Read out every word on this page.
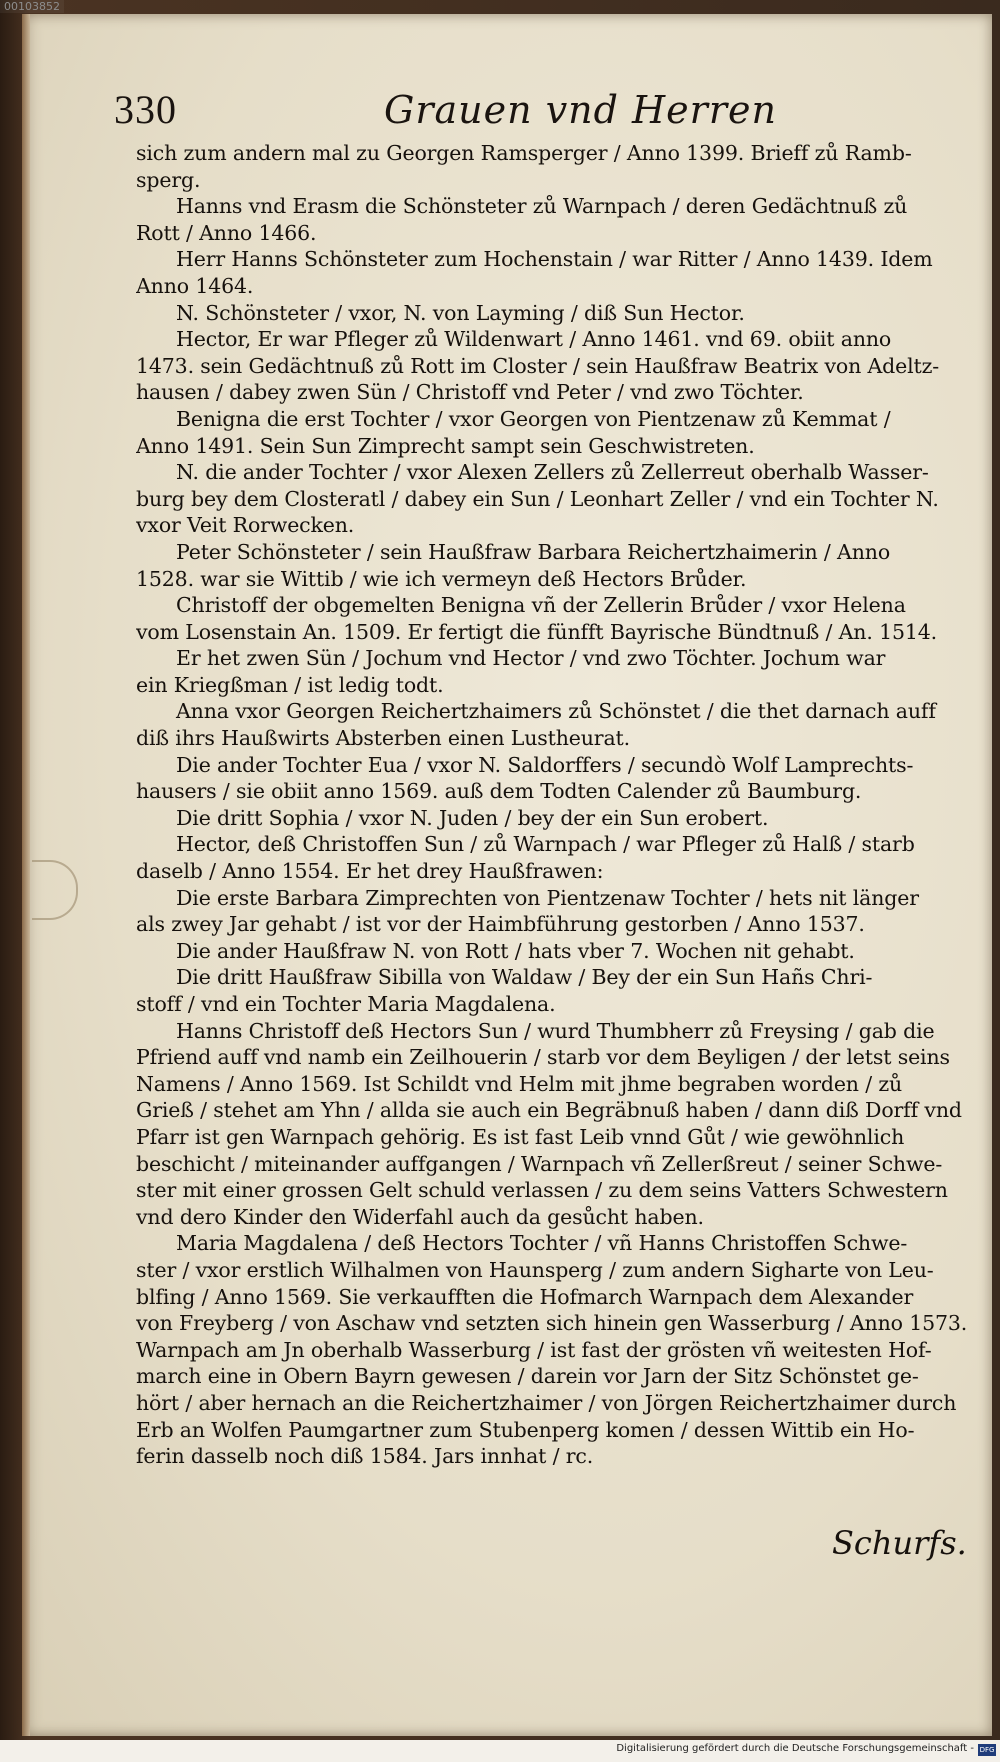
00103852
330	Grauen vnd Herren
sich zum andern mal zu Georgen Ramsperger / Anno 1399. Brieff zů Ramb-
sperg.
Hanns vnd Erasm die Schönsteter zů Warnpach / deren Gedächtnuß zů
Rott / Anno 1466.
Herr Hanns Schönsteter zum Hochenstain / war Ritter / Anno 1439. Idem
Anno 1464.
N. Schönsteter / vxor, N. von Layming / diß Sun Hector.
Hector, Er war Pfleger zů Wildenwart / Anno 1461. vnd 69. obiit anno
1473. sein Gedächtnuß zů Rott im Closter / sein Haußfraw Beatrix von Adeltz-
hausen / dabey zwen Sün / Christoff vnd Peter / vnd zwo Töchter.
Benigna die erst Tochter / vxor Georgen von Pientzenaw zů Kemmat /
Anno 1491. Sein Sun Zimprecht sampt sein Geschwistreten.
N. die ander Tochter / vxor Alexen Zellers zů Zellerreut oberhalb Wasser-
burg bey dem Closteratl / dabey ein Sun / Leonhart Zeller / vnd ein Tochter N.
vxor Veit Rorwecken.
Peter Schönsteter / sein Haußfraw Barbara Reichertzhaimerin / Anno
1528. war sie Wittib / wie ich vermeyn deß Hectors Brůder.
Christoff der obgemelten Benigna vñ der Zellerin Brůder / vxor Helena
vom Losenstain An. 1509. Er fertigt die fünfft Bayrische Bündtnuß / An. 1514.
Er het zwen Sün / Jochum vnd Hector / vnd zwo Töchter. Jochum war
ein Kriegßman / ist ledig todt.
Anna vxor Georgen Reichertzhaimers zů Schönstet / die thet darnach auff
diß ihrs Haußwirts Absterben einen Lustheurat.
Die ander Tochter Eua / vxor N. Saldorffers / secundò Wolf Lamprechts-
hausers / sie obiit anno 1569. auß dem Todten Calender zů Baumburg.
Die dritt Sophia / vxor N. Juden / bey der ein Sun erobert.
Hector, deß Christoffen Sun / zů Warnpach / war Pfleger zů Halß / starb
daselb / Anno 1554. Er het drey Haußfrawen:
Die erste Barbara Zimprechten von Pientzenaw Tochter / hets nit länger
als zwey Jar gehabt / ist vor der Haimbführung gestorben / Anno 1537.
Die ander Haußfraw N. von Rott / hats vber 7. Wochen nit gehabt.
Die dritt Haußfraw Sibilla von Waldaw / Bey der ein Sun Hañs Chri-
stoff / vnd ein Tochter Maria Magdalena.
Hanns Christoff deß Hectors Sun / wurd Thumbherr zů Freysing / gab die
Pfriend auff vnd namb ein Zeilhouerin / starb vor dem Beyligen / der letst seins
Namens / Anno 1569. Ist Schildt vnd Helm mit jhme begraben worden / zů
Grieß / stehet am Yhn / allda sie auch ein Begräbnuß haben / dann diß Dorff vnd
Pfarr ist gen Warnpach gehörig. Es ist fast Leib vnnd Gůt / wie gewöhnlich
beschicht / miteinander auffgangen / Warnpach vñ Zellerßreut / seiner Schwe-
ster mit einer grossen Gelt schuld verlassen / zu dem seins Vatters Schwestern
vnd dero Kinder den Widerfahl auch da gesůcht haben.
Maria Magdalena / deß Hectors Tochter / vñ Hanns Christoffen Schwe-
ster / vxor erstlich Wilhalmen von Haunsperg / zum andern Sigharte von Leu-
blfing / Anno 1569. Sie verkaufften die Hofmarch Warnpach dem Alexander
von Freyberg / von Aschaw vnd setzten sich hinein gen Wasserburg / Anno 1573.
Warnpach am Jn oberhalb Wasserburg / ist fast der grösten vñ weitesten Hof-
march eine in Obern Bayrn gewesen / darein vor Jarn der Sitz Schönstet ge-
hört / aber hernach an die Reichertzhaimer / von Jörgen Reichertzhaimer durch
Erb an Wolfen Paumgartner zum Stubenperg komen / dessen Wittib ein Ho-
ferin dasselb noch diß 1584. Jars innhat / rc.
Schurfs.
Digitalisierung gefördert durch die Deutsche Forschungsgemeinschaft - DFG
